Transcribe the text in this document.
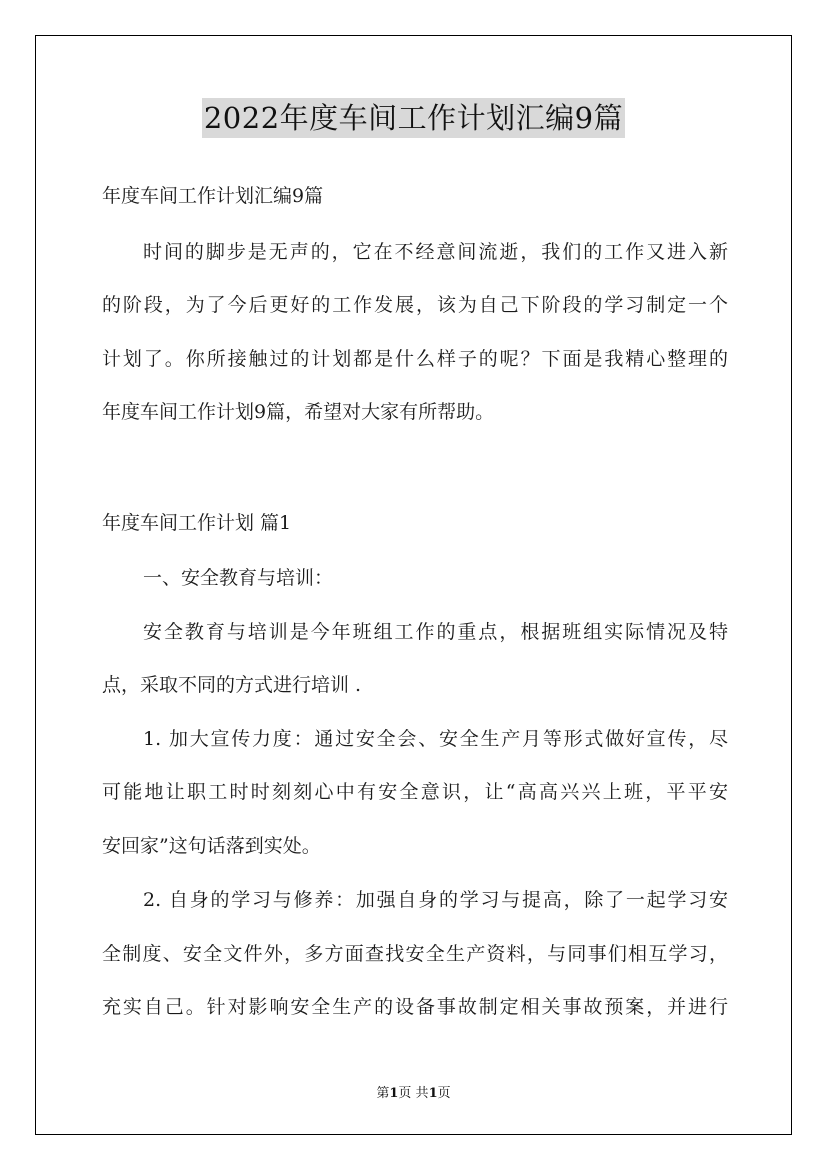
2022年度车间工作计划汇编9篇
年度车间工作计划汇编9篇
时间的脚步是无声的，它在不经意间流逝，我们的工作又进入新
的阶段，为了今后更好的工作发展，该为自己下阶段的学习制定一个
计划了。你所接触过的计划都是什么样子的呢？下面是我精心整理的
年度车间工作计划9篇，希望对大家有所帮助。
年度车间工作计划 篇1
一、安全教育与培训：
安全教育与培训是今年班组工作的重点，根据班组实际情况及特
点，采取不同的方式进行培训 .
1. 加大宣传力度：通过安全会、安全生产月等形式做好宣传，尽
可能地让职工时时刻刻心中有安全意识，让“高高兴兴上班，平平安
安回家”这句话落到实处。
2. 自身的学习与修养：加强自身的学习与提高，除了一起学习安
全制度、安全文件外，多方面查找安全生产资料，与同事们相互学习，
充实自己。针对影响安全生产的设备事故制定相关事故预案，并进行
第1页 共1页
